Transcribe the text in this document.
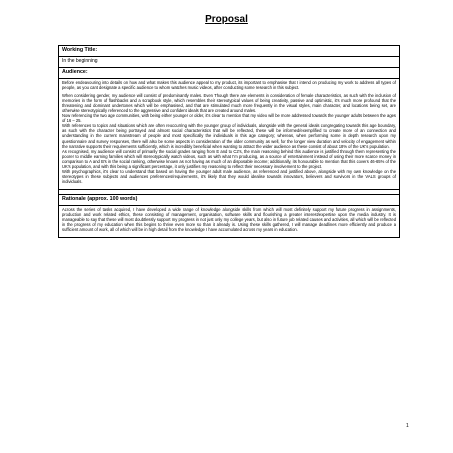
Proposal
Working Title:
In the beginning
Audience:

Before endeavouring into details on how and what makes this audience appeal to my product, its important to emphasise that I intend on producing my work to address all types of people, as you cant designate a specific audience to whom watches music videos, after conducting some research in this subject.

When considering gender, my audience will consist of predominantly males. Even Though there are elements in consideration of female characteristics, as such with the inclusion of memories in the form of flashbacks and a scrapbook style, which resembles their stereotypical values of being creativity, passive and optimistic, it's much more profound that the threatening and dominant undertones which will be emphasised, and that are stimulated much more frequently in the visual styles, main character, and locations being set, are otherwise stereotypically referenced to the aggressive and confident ideals that are created around males.

Now referencing the two age communities, with being either younger or older, it's clear to mention that my video will be more addressed towards the younger adults between the ages of 16 – 25.

With references to topics and situations which are often reoccurring with the younger group of individuals, alongside with the general ideals congregating towards this age boundary, as such with the character being portrayed and almost social characteristics that will be reflected, these will be informed/exemplified to create more of an connection and understanding in the current mainstream of people and most specifically the individuals in this age category; whereas, when performing some in depth research upon my questionnaire and survey responses, there will also be some aspects in consideration of the older community as well, for the longer view duration and velocity of engagement within the narrative supports their requirements sufficiently, which is incredibly beneficial when wanting to attract the wider audience as these consist of about 18% of the UK's population.

As recognised, my audience will consist of primarily the social grades ranging from E and to C2's, the main reasoning behind this audience is justified through them representing the poorer to middle earning families which will stereotypically watch videos, such as with what I'm producing, as a source of entertainment instead of using their more scarce money in comparison to A and B's in the social ranking, otherwise known as not having as much of an disposable income; additionally, its honourable to mention that this covers 46-65% of the UK's population, and with this being a significant percentage, it only justifies my reasoning to reflect their necessary involvement to the project.

With psychographics, it's clear to understand that based on having the younger adult male audience, as referenced and justified above, alongside with my own knowledge on the stereotypes in these subjects and audiences preferences/requirements, it's likely that they would idealise towards innovators, believers and survivors in the VALS groups of individuals.

Rationale (approx. 100 words)

Across the series of tasks acquired, I have developed a wide range of knowledge alongside skills from which will most definitely support my future progress in assignments, production and work related ethics, these consisting of management, organisation, software skills and flourishing a greater interest/expertise upon the media industry. It is manageable to say that these will most doubtlessly support my progress in not just only my college years, but also in future job related causes and activities, all which will be reflected in the progress of my education when this begins to thrive even more so than it already is. Using these skills gathered, I will manage deadlines more efficiently and produce a sufficient amount of work, all of which will be in high detail from the knowledge I have accumulated across my years in education.

1
